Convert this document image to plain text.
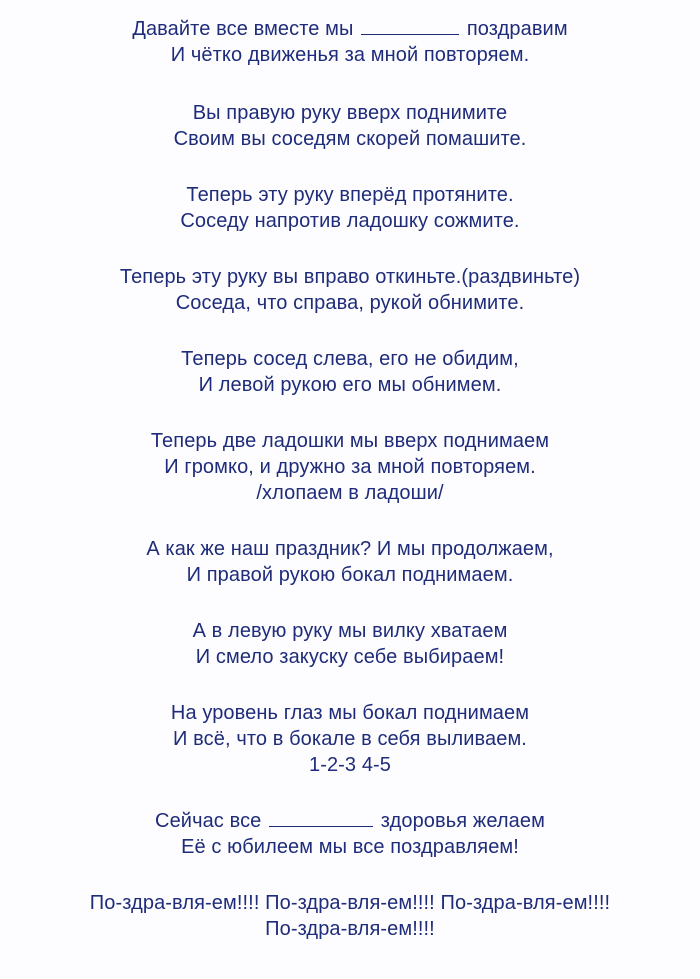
Давайте все вместе мы	поздравим
И чётко движенья за мной повторяем.
Вы правую руку вверх поднимите
Своим вы соседям скорей помашите.
Теперь эту руку вперёд протяните.
Соседу напротив ладошку сожмите.
Теперь эту руку вы вправо откиньте.(раздвиньте)
Соседа, что справа, рукой обнимите.
Теперь сосед слева, его не обидим,
И левой рукою его мы обнимем.
Теперь две ладошки мы вверх поднимаем
И громко, и дружно за мной повторяем.
/хлопаем в ладоши/
А как же наш праздник? И мы продолжаем,
И правой рукою бокал поднимаем.
А в левую руку мы вилку хватаем
И смело закуску себе выбираем!
На уровень глаз мы бокал поднимаем
И всё, что в бокале в себя выливаем.
1-2-3 4-5
Сейчас все	здоровья желаем
Её с юбилеем мы все поздравляем!
По-здра-вля-ем!!!! По-здра-вля-ем!!!! По-здра-вля-ем!!!!
По-здра-вля-ем!!!!
